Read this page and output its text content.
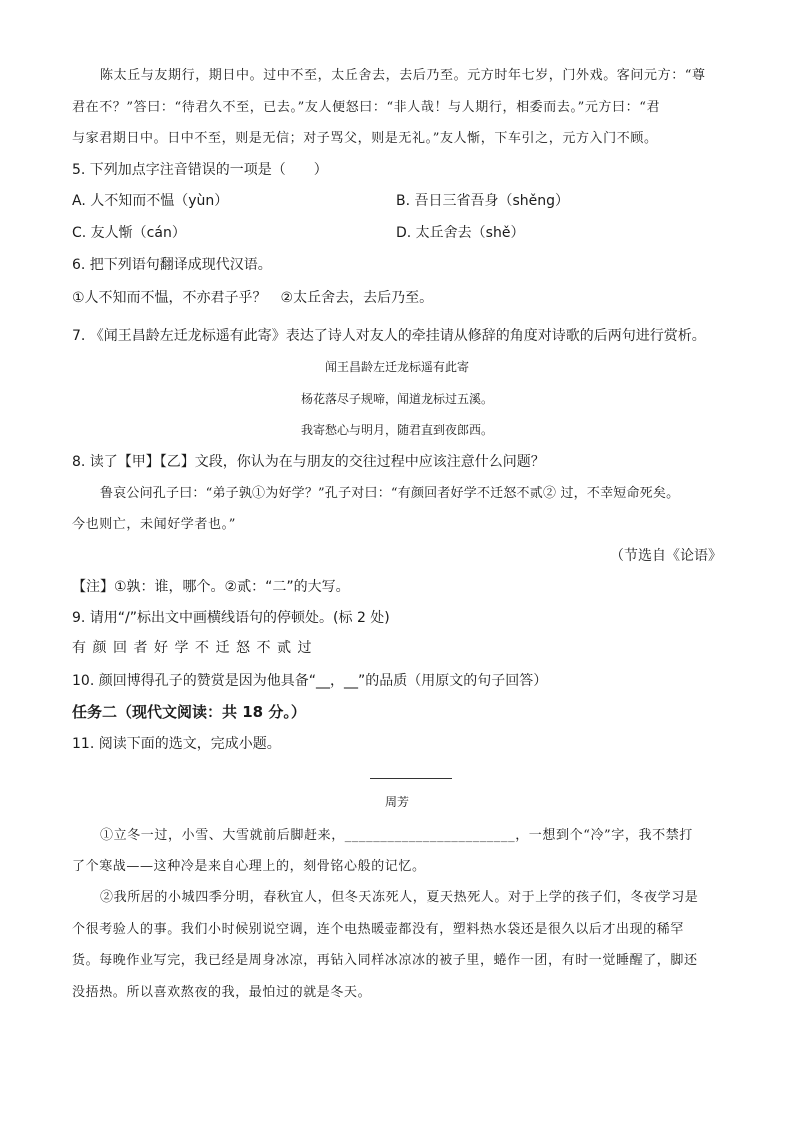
陈太丘与友期行，期日中。过中不至，太丘舍去，去后乃至。元方时年七岁，门外戏。客问元方：“尊
君在不？”答曰：“待君久不至，已去。”友人便怒曰：“非人哉！与人期行，相委而去。”元方曰：“君
与家君期日中。日中不至，则是无信；对子骂父，则是无礼。”友人惭，下车引之，元方入门不顾。
5. 下列加点字注音错误的一项是（　　）
A. 人不知而不愠（yùn）	B. 吾日三省吾身（shěng）
C. 友人惭（cán）	D. 太丘舍去（shě）
6. 把下列语句翻译成现代汉语。
①人不知而不愠，不亦君子乎？　②太丘舍去，去后乃至。
7. 《闻王昌龄左迁龙标遥有此寄》表达了诗人对友人的牵挂请从修辞的角度对诗歌的后两句进行赏析。
闻王昌龄左迁龙标遥有此寄
杨花落尽子规啼，闻道龙标过五溪。
我寄愁心与明月，随君直到夜郎西。
8. 读了【甲】【乙】文段，你认为在与朋友的交往过程中应该注意什么问题？
鲁哀公问孔子曰：“弟子孰①为好学？”孔子对曰：“有颜回者好学不迁怒不贰② 过，不幸短命死矣。
今也则亡，未闻好学者也。”
（节选自《论语》
【注】①孰：谁，哪个。②贰：“二”的大写。
9. 请用“/”标出文中画横线语句的停顿处。(标 2 处)
有颜回者好学不迁怒不贰过
10. 颜回博得孔子的赞赏是因为他具备“__，__”的品质（用原文的句子回答）
任务二（现代文阅读：共 18 分。）
11. 阅读下面的选文，完成小题。
周芳
①立冬一过，小雪、大雪就前后脚赶来，________________________，一想到个“冷”字，我不禁打
了个寒战——这种冷是来自心理上的，刻骨铭心般的记忆。
②我所居的小城四季分明，春秋宜人，但冬天冻死人，夏天热死人。对于上学的孩子们，冬夜学习是
个很考验人的事。我们小时候别说空调，连个电热暖壶都没有，塑料热水袋还是很久以后才出现的稀罕
货。每晚作业写完，我已经是周身冰凉，再钻入同样冰凉冰的被子里，蜷作一团，有时一觉睡醒了，脚还
没捂热。所以喜欢熬夜的我，最怕过的就是冬天。
